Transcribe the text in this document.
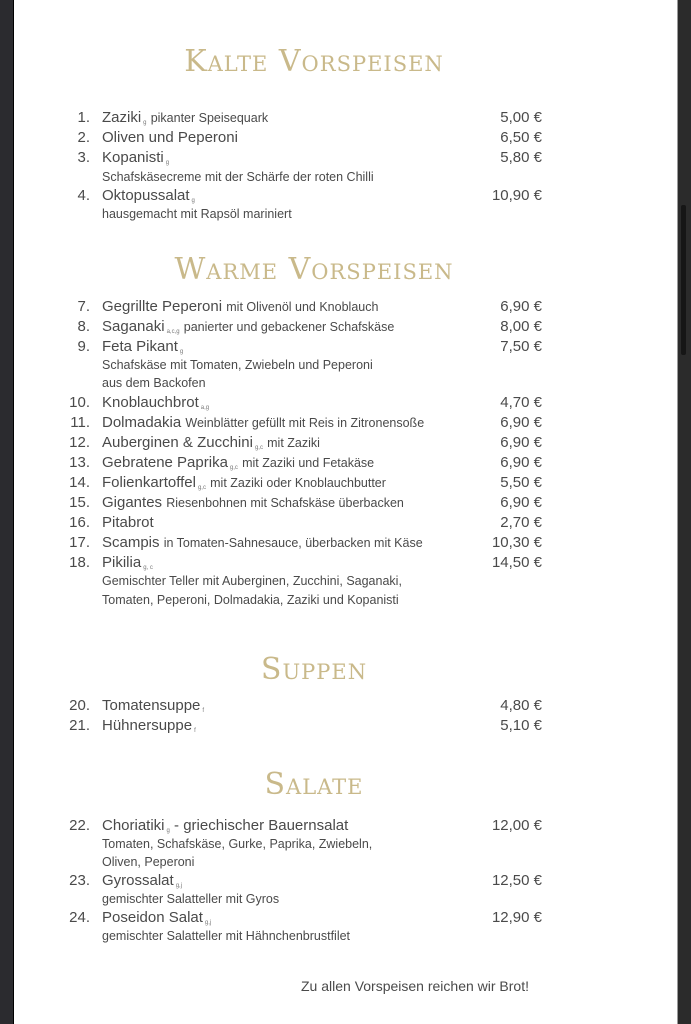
Kalte Vorspeisen
1. Zaziki g pikanter Speisequark	5,00 €
2. Oliven und Peperoni	6,50 €
3. Kopanisti g	5,80 €
Schafskäsecreme mit der Schärfe der roten Chilli
4. Oktopussalat g	10,90 €
hausgemacht mit Rapsöl mariniert
Warme Vorspeisen
7. Gegrillte Peperoni mit Olivenöl und Knoblauch	6,90 €
8. Saganaki a,c,g panierter und gebackener Schafskäse	8,00 €
9. Feta Pikant g	7,50 €
Schafskäse mit Tomaten, Zwiebeln und Peperoni
aus dem Backofen
10. Knoblauchbrot a,g	4,70 €
11. Dolmadakia Weinblätter gefüllt mit Reis in Zitronensoße	6,90 €
12. Auberginen & Zucchini g,c mit Zaziki	6,90 €
13. Gebratene Paprika g,c mit Zaziki und Fetakäse	6,90 €
14. Folienkartoffel g,c mit Zaziki oder Knoblauchbutter	5,50 €
15. Gigantes Riesenbohnen mit Schafskäse überbacken	6,90 €
16. Pitabrot	2,70 €
17. Scampis in Tomaten-Sahnesauce, überbacken mit Käse	10,30 €
18. Pikilia g, c	14,50 €
Gemischter Teller mit Auberginen, Zucchini, Saganaki,
Tomaten, Peperoni, Dolmadakia, Zaziki und Kopanisti
Suppen
20. Tomatensuppe f	4,80 €
21. Hühnersuppe f	5,10 €
Salate
22. Choriatiki g - griechischer Bauernsalat	12,00 €
Tomaten, Schafskäse, Gurke, Paprika, Zwiebeln,
Oliven, Peperoni
23. Gyrossalat g,j	12,50 €
gemischter Salatteller mit Gyros
24. Poseidon Salat g,j	12,90 €
gemischter Salatteller mit Hähnchenbrustfilet
Zu allen Vorspeisen reichen wir Brot!
